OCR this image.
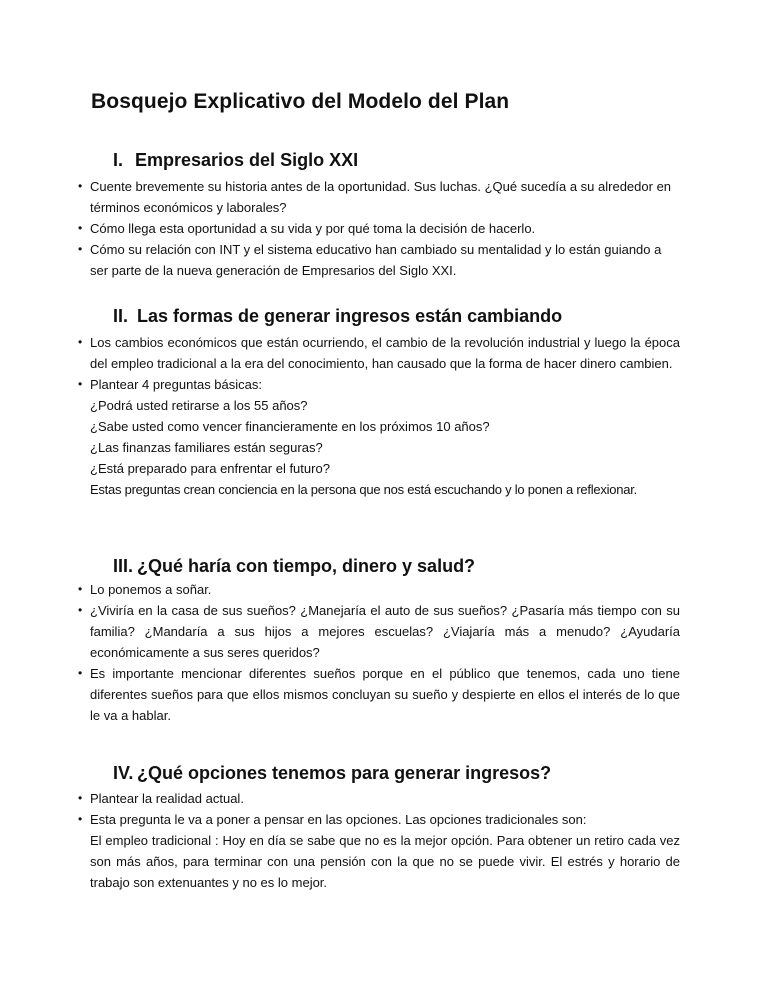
Bosquejo Explicativo del Modelo del Plan
I. Empresarios del Siglo XXI
• Cuente brevemente su historia antes de la oportunidad. Sus luchas. ¿Qué sucedía a su alrededor en términos económicos y laborales?
• Cómo llega esta oportunidad a su vida y por qué toma la decisión de hacerlo.
• Cómo su relación con INT y el sistema educativo han cambiado su mentalidad y lo están guiando a ser parte de la nueva generación de Empresarios del Siglo XXI.
II. Las formas de generar ingresos están cambiando
• Los cambios económicos que están ocurriendo, el cambio de la revolución industrial y luego la época del empleo tradicional a la era del conocimiento, han causado que la forma de hacer dinero cambien.
• Plantear 4 preguntas básicas:
¿Podrá usted retirarse a los 55 años?
¿Sabe usted como vencer financieramente en los próximos 10 años?
¿Las finanzas familiares están seguras?
¿Está preparado para enfrentar el futuro?
Estas preguntas crean conciencia en la persona que nos está escuchando y lo ponen a reflexionar.
III. ¿Qué haría con tiempo, dinero y salud?
• Lo ponemos a soñar.
• ¿Viviría en la casa de sus sueños? ¿Manejaría el auto de sus sueños? ¿Pasaría más tiempo con su familia? ¿Mandaría a sus hijos a mejores escuelas? ¿Viajaría más a menudo? ¿Ayudaría económicamente a sus seres queridos?
• Es importante mencionar diferentes sueños porque en el público que tenemos, cada uno tiene diferentes sueños para que ellos mismos concluyan su sueño y despierte en ellos el interés de lo que le va a hablar.
IV. ¿Qué opciones tenemos para generar ingresos?
• Plantear la realidad actual.
• Esta pregunta le va a poner a pensar en las opciones. Las opciones tradicionales son:
El empleo tradicional : Hoy en día se sabe que no es la mejor opción. Para obtener un retiro cada vez son más años, para terminar con una pensión con la que no se puede vivir. El estrés y horario de trabajo son extenuantes y no es lo mejor.
